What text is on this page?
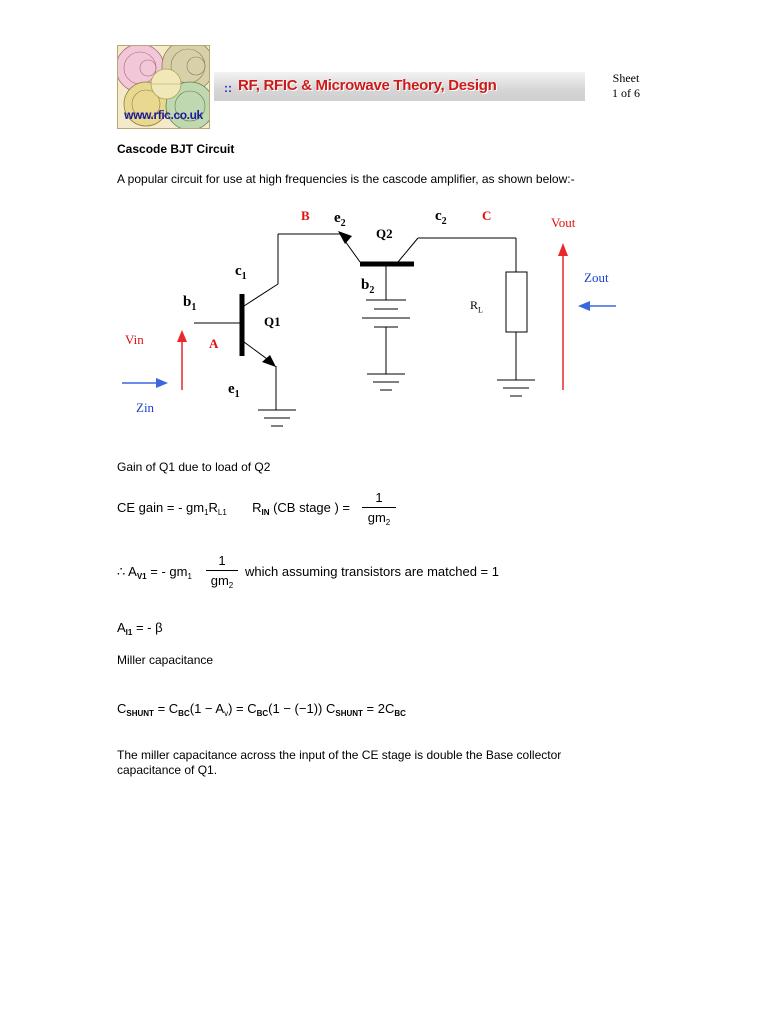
www.rfic.co.uk
:: RF, RFIC & Microwave Theory, Design	Sheet
1 of 6
Cascode BJT Circuit
A popular circuit for use at high frequencies is the cascode amplifier, as shown below:-
B $e_2$
Q2
$c_2$	C	Vout
$c_1$
$b_2$
Zout
$b_1$	$R_L$
Q1
Vin	A
$e_1$
Zin
Gain of Q1 due to load of Q2
CE gain = - $gm_1R_{L1}$ $R_{IN}$ (CB stage ) =
1
$gm_2$
∴ $A_{V1}$ = - $gm_1$
1
$gm_2$
which assuming transistors are matched = 1
$A_{I1}$ = - β
Miller capacitance
$C_{SHUNT} = C_{BC}(1 - A_v) = C_{BC}(1 - (-1)) C_{SHUNT} = 2C_{BC}$
The miller capacitance across the input of the CE stage is double the Base collector capacitance of Q1.
